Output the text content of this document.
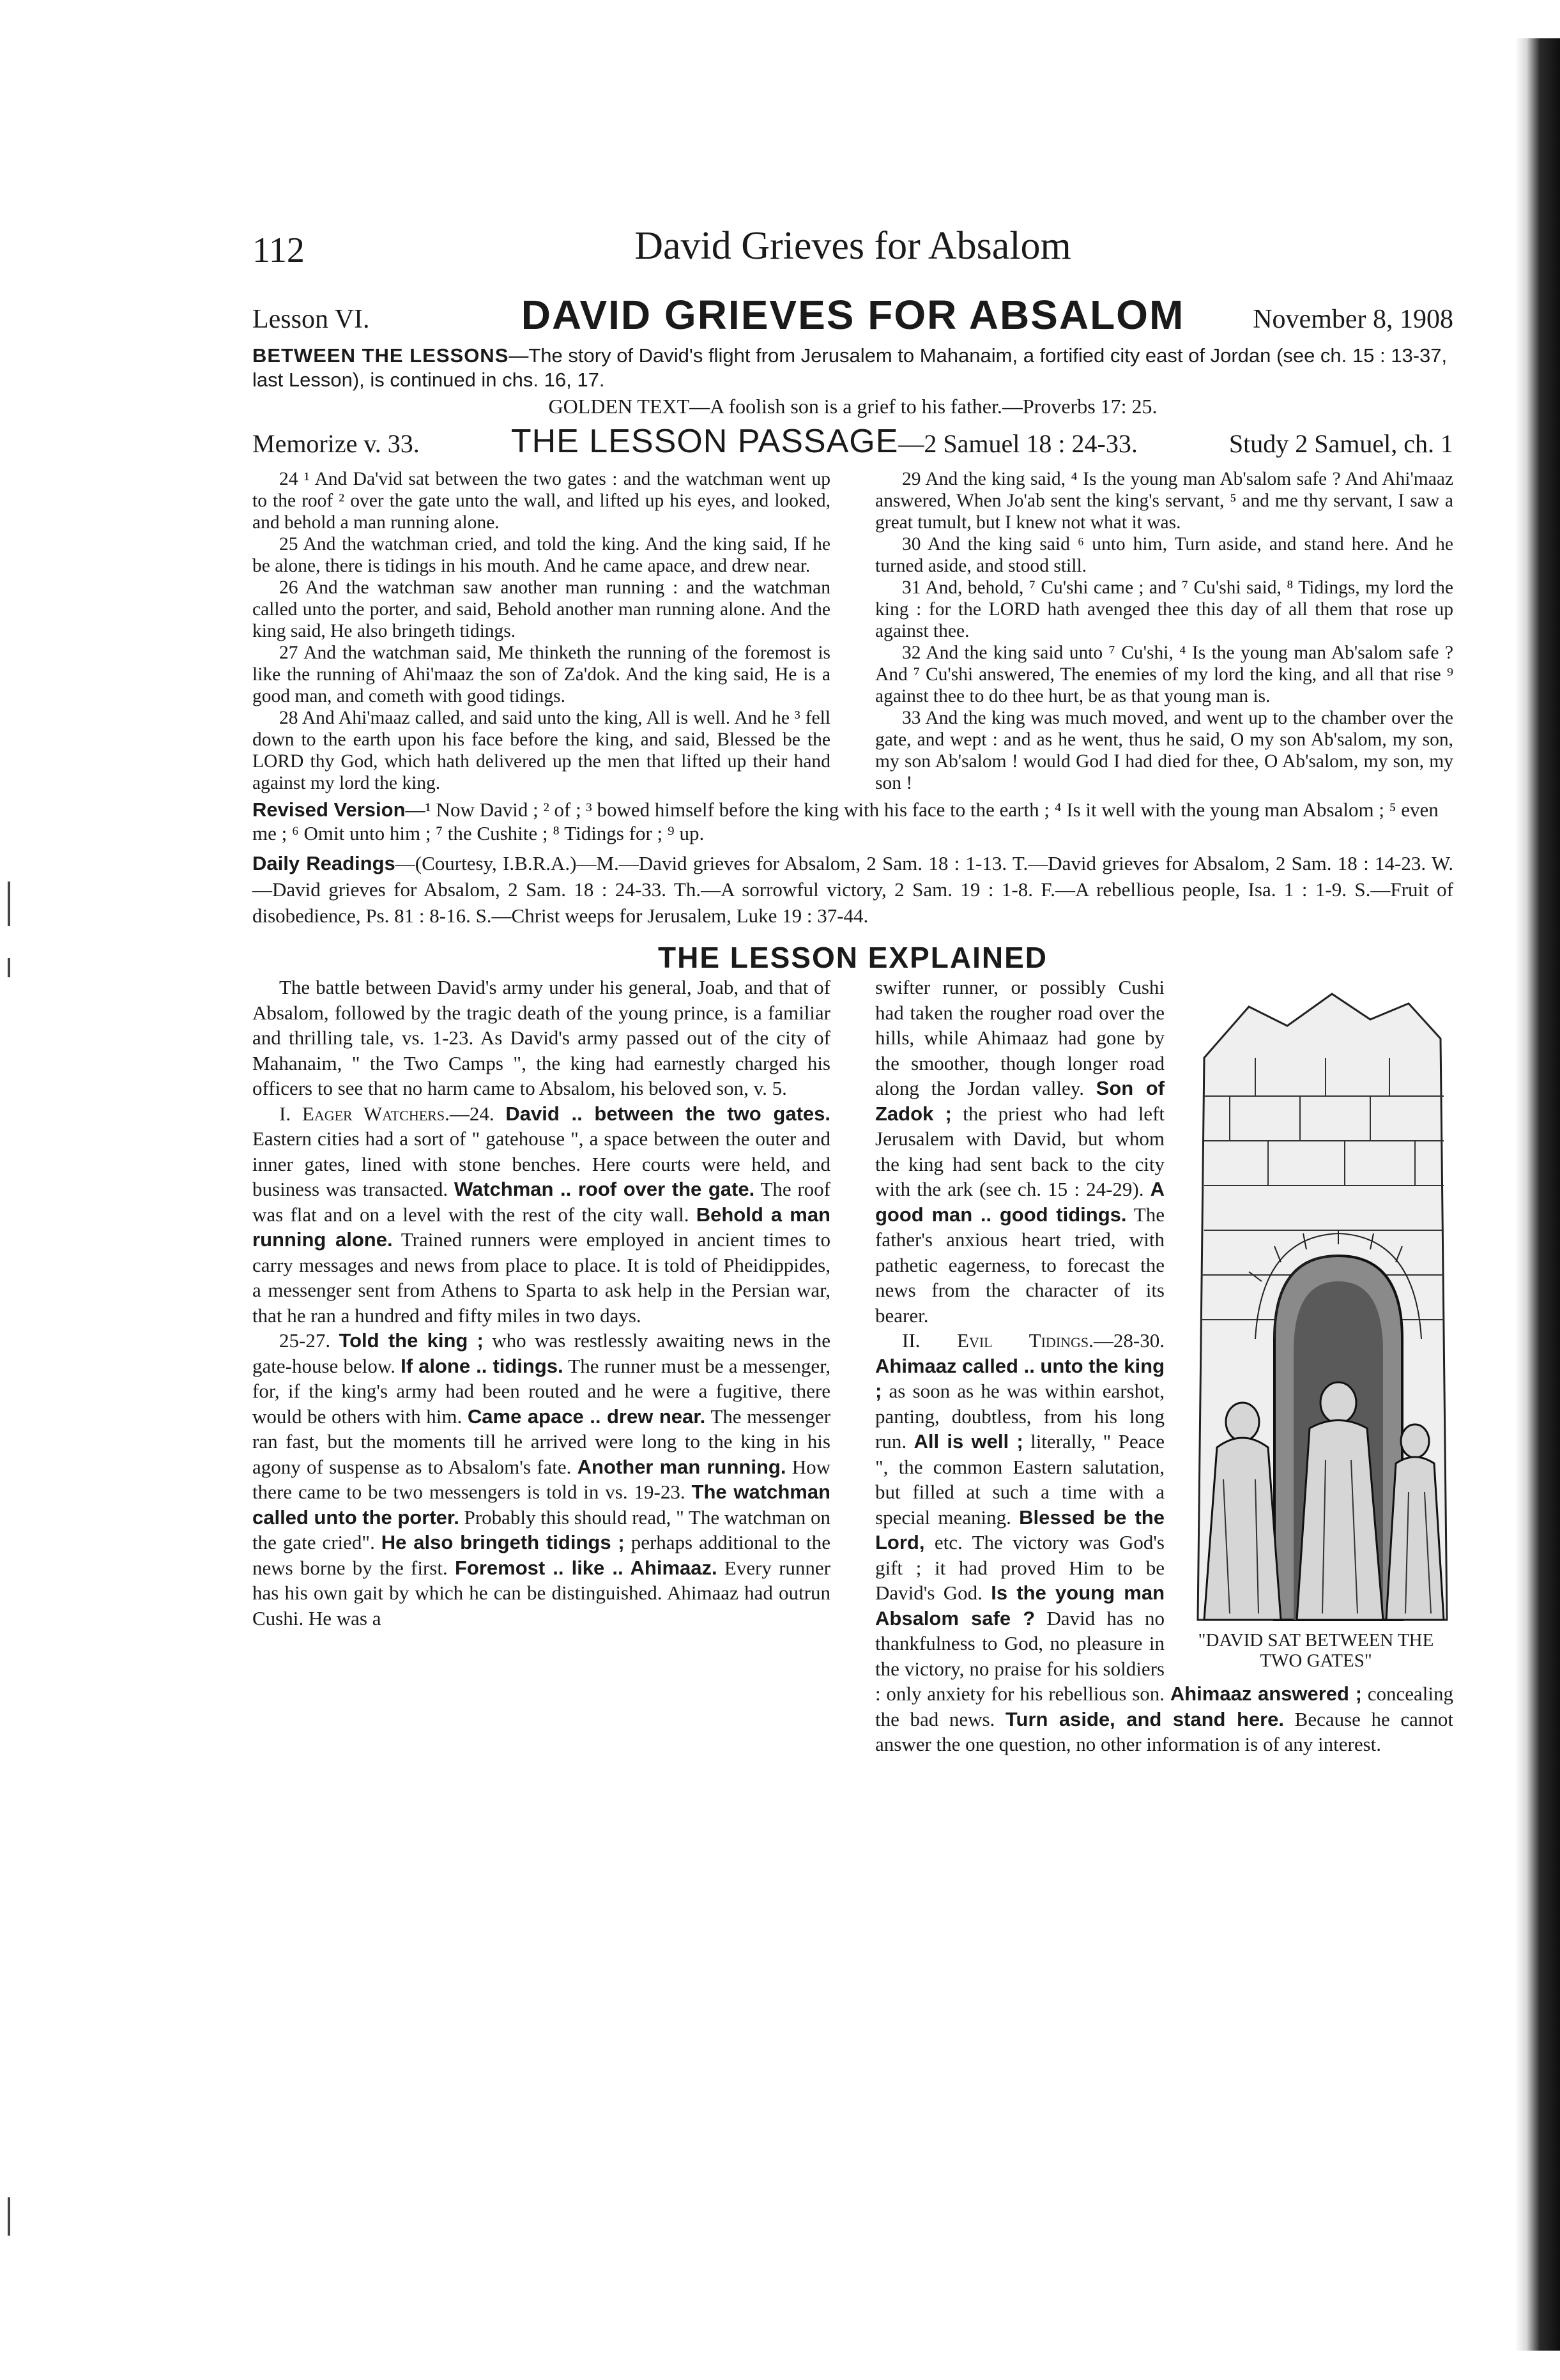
112	David Grieves for Absalom
Lesson VI.	DAVID GRIEVES FOR ABSALOM	November 8, 1908
BETWEEN THE LESSONS—The story of David's flight from Jerusalem to Mahanaim, a fortified city east of Jordan (see ch. 15 : 13-37, last Lesson), is continued in chs. 16, 17.
GOLDEN TEXT—A foolish son is a grief to his father.—Proverbs 17: 25.
Memorize v. 33.	THE LESSON PASSAGE—2 Samuel 18 : 24-33.	Study 2 Samuel, ch. 1

24 ¹ And Da'vid sat between the two gates : and the watchman went up to the roof ² over the gate unto the wall, and lifted up his eyes, and looked, and behold a man running alone.

25 And the watchman cried, and told the king. And the king said, If he be alone, there is tidings in his mouth. And he came apace, and drew near.

26 And the watchman saw another man running : and the watchman called unto the porter, and said, Behold another man running alone. And the king said, He also bringeth tidings.

27 And the watchman said, Me thinketh the running of the foremost is like the running of Ahi'maaz the son of Za'dok. And the king said, He is a good man, and cometh with good tidings.

28 And Ahi'maaz called, and said unto the king, All is well. And he ³ fell down to the earth upon his face before the king, and said, Blessed be the LORD thy God, which hath delivered up the men that lifted up their hand against my lord the king.

29 And the king said, ⁴ Is the young man Ab'salom safe ? And Ahi'maaz answered, When Jo'ab sent the king's servant, ⁵ and me thy servant, I saw a great tumult, but I knew not what it was.

30 And the king said ⁶ unto him, Turn aside, and stand here. And he turned aside, and stood still.

31 And, behold, ⁷ Cu'shi came ; and ⁷ Cu'shi said, ⁸ Tidings, my lord the king : for the LORD hath avenged thee this day of all them that rose up against thee.

32 And the king said unto ⁷ Cu'shi, ⁴ Is the young man Ab'salom safe ? And ⁷ Cu'shi answered, The enemies of my lord the king, and all that rise ⁹ against thee to do thee hurt, be as that young man is.

33 And the king was much moved, and went up to the chamber over the gate, and wept : and as he went, thus he said, O my son Ab'salom, my son, my son Ab'salom ! would God I had died for thee, O Ab'salom, my son, my son !

Revised Version—¹ Now David ; ² of ; ³ bowed himself before the king with his face to the earth ; ⁴ Is it well with the young man Absalom ; ⁵ even me ; ⁶ Omit unto him ; ⁷ the Cushite ; ⁸ Tidings for ; ⁹ up.
Daily Readings—(Courtesy, I.B.R.A.)—M.—David grieves for Absalom, 2 Sam. 18 : 1-13. T.—David grieves for Absalom, 2 Sam. 18 : 14-23. W.—David grieves for Absalom, 2 Sam. 18 : 24-33. Th.—A sorrowful victory, 2 Sam. 19 : 1-8. F.—A rebellious people, Isa. 1 : 1-9. S.—Fruit of disobedience, Ps. 81 : 8-16. S.—Christ weeps for Jerusalem, Luke 19 : 37-44.
THE LESSON EXPLAINED

The battle between David's army under his general, Joab, and that of Absalom, followed by the tragic death of the young prince, is a familiar and thrilling tale, vs. 1-23. As David's army passed out of the city of Mahanaim, " the Two Camps ", the king had earnestly charged his officers to see that no harm came to Absalom, his beloved son, v. 5.

I. Eager Watchers.—24. David .. between the two gates. Eastern cities had a sort of " gatehouse ", a space between the outer and inner gates, lined with stone benches. Here courts were held, and business was transacted. Watchman .. roof over the gate. The roof was flat and on a level with the rest of the city wall. Behold a man running alone. Trained runners were employed in ancient times to carry messages and news from place to place. It is told of Pheidippides, a messenger sent from Athens to Sparta to ask help in the Persian war, that he ran a hundred and fifty miles in two days.

25-27. Told the king ; who was restlessly awaiting news in the gate-house below. If alone .. tidings. The runner must be a messenger, for, if the king's army had been routed and he were a fugitive, there would be others with him. Came apace .. drew near. The messenger ran fast, but the moments till he arrived were long to the king in his agony of suspense as to Absalom's fate. Another man running. How there came to be two messengers is told in vs. 19-23. The watchman called unto the porter. Probably this should read, " The watchman on the gate cried". He also bringeth tidings ; perhaps additional to the news borne by the first. Foremost .. like .. Ahimaaz. Every runner has his own gait by which he can be distinguished. Ahimaaz had outrun Cushi. He was a

"DAVID SAT BETWEEN THE TWO GATES"

swifter runner, or possibly Cushi had taken the rougher road over the hills, while Ahimaaz had gone by the smoother, though longer road along the Jordan valley. Son of Zadok ; the priest who had left Jerusalem with David, but whom the king had sent back to the city with the ark (see ch. 15 : 24-29). A good man .. good tidings. The father's anxious heart tried, with pathetic eagerness, to forecast the news from the character of its bearer.

II. Evil Tidings.—28-30. Ahimaaz called .. unto the king ; as soon as he was within earshot, panting, doubtless, from his long run. All is well ; literally, " Peace ", the common Eastern salutation, but filled at such a time with a special meaning. Blessed be the Lord, etc. The victory was God's gift ; it had proved Him to be David's God. Is the young man Absalom safe ? David has no thankfulness to God, no pleasure in the victory, no praise for his soldiers : only anxiety for his rebellious son. Ahimaaz answered ; concealing the bad news. Turn aside, and stand here. Because he cannot answer the one question, no other information is of any interest.
